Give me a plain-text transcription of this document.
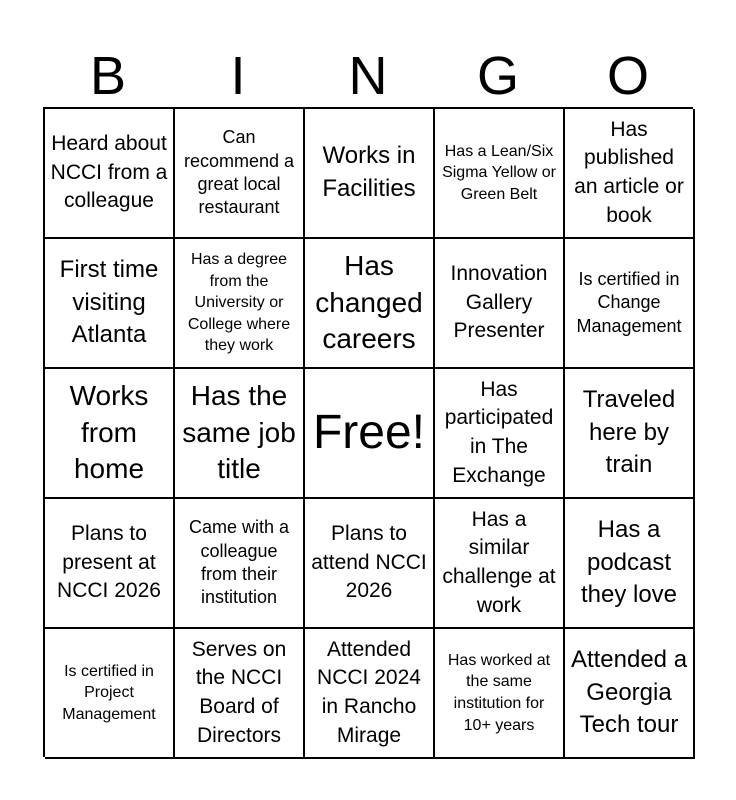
B	I	N	G	O
Heard about NCCI from a colleague
Can recommend a great local restaurant
Works in Facilities
Has a Lean/Six Sigma Yellow or Green Belt
Has published an article or book
First time visiting Atlanta
Has a degree from the University or College where they work
Has changed careers
Innovation Gallery Presenter
Is certified in Change Management
Works from home
Has the same job title
Free!
Has participated in The Exchange
Traveled here by train
Plans to present at NCCI 2026
Came with a colleague from their institution
Plans to attend NCCI 2026
Has a similar challenge at work
Has a podcast they love
Is certified in Project Management
Serves on the NCCI Board of Directors
Attended NCCI 2024 in Rancho Mirage
Has worked at the same institution for 10+ years
Attended a Georgia Tech tour
